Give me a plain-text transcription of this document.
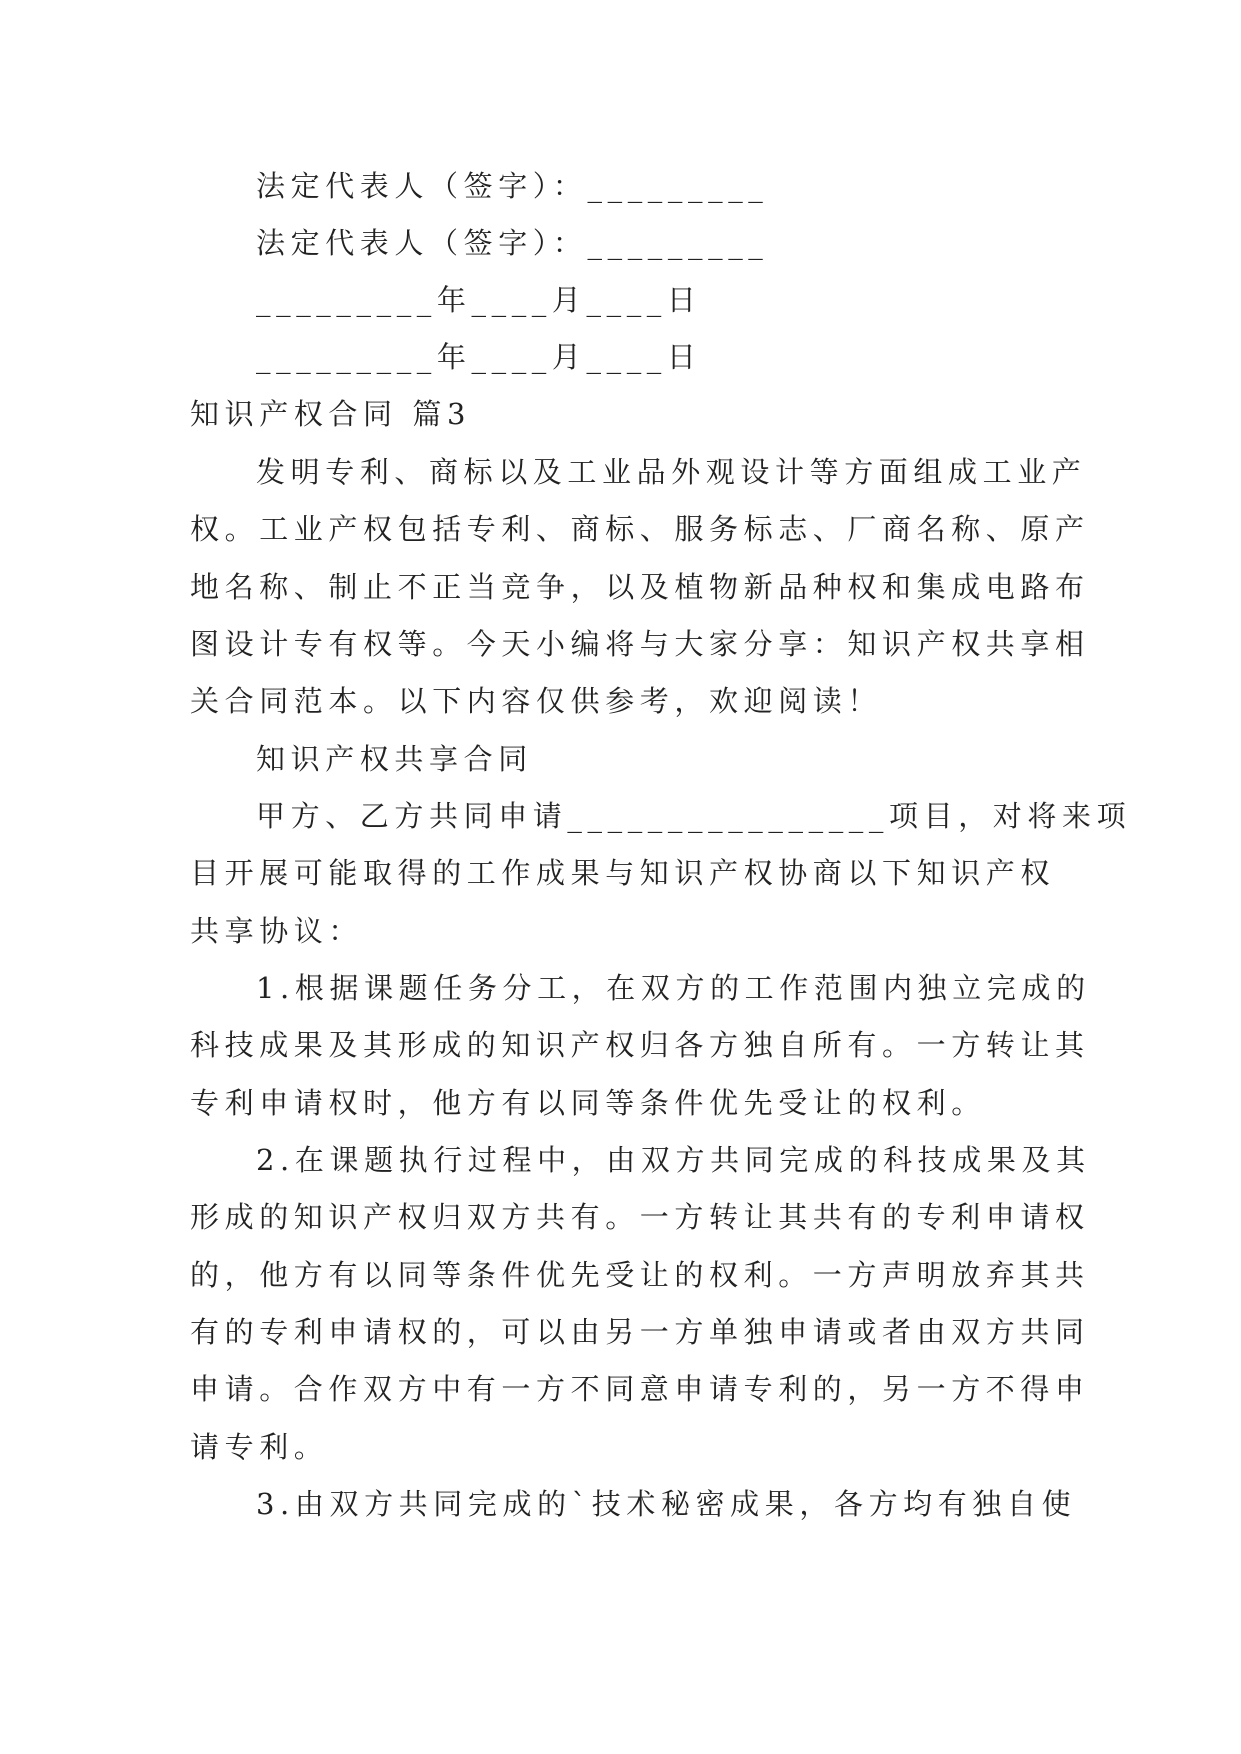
法定代表人（签字）：_________
法定代表人（签字）：_________
_________年____月____日
_________年____月____日
知识产权合同 篇3
发明专利、商标以及工业品外观设计等方面组成工业产
权。工业产权包括专利、商标、服务标志、厂商名称、原产
地名称、制止不正当竞争，以及植物新品种权和集成电路布
图设计专有权等。今天小编将与大家分享：知识产权共享相
关合同范本。以下内容仅供参考，欢迎阅读！
知识产权共享合同
甲方、乙方共同申请________________项目，对将来项
目开展可能取得的工作成果与知识产权协商以下知识产权
共享协议：
1.根据课题任务分工，在双方的工作范围内独立完成的
科技成果及其形成的知识产权归各方独自所有。一方转让其
专利申请权时，他方有以同等条件优先受让的权利。
2.在课题执行过程中，由双方共同完成的科技成果及其
形成的知识产权归双方共有。一方转让其共有的专利申请权
的，他方有以同等条件优先受让的权利。一方声明放弃其共
有的专利申请权的，可以由另一方单独申请或者由双方共同
申请。合作双方中有一方不同意申请专利的，另一方不得申
请专利。
3.由双方共同完成的`技术秘密成果，各方均有独自使
